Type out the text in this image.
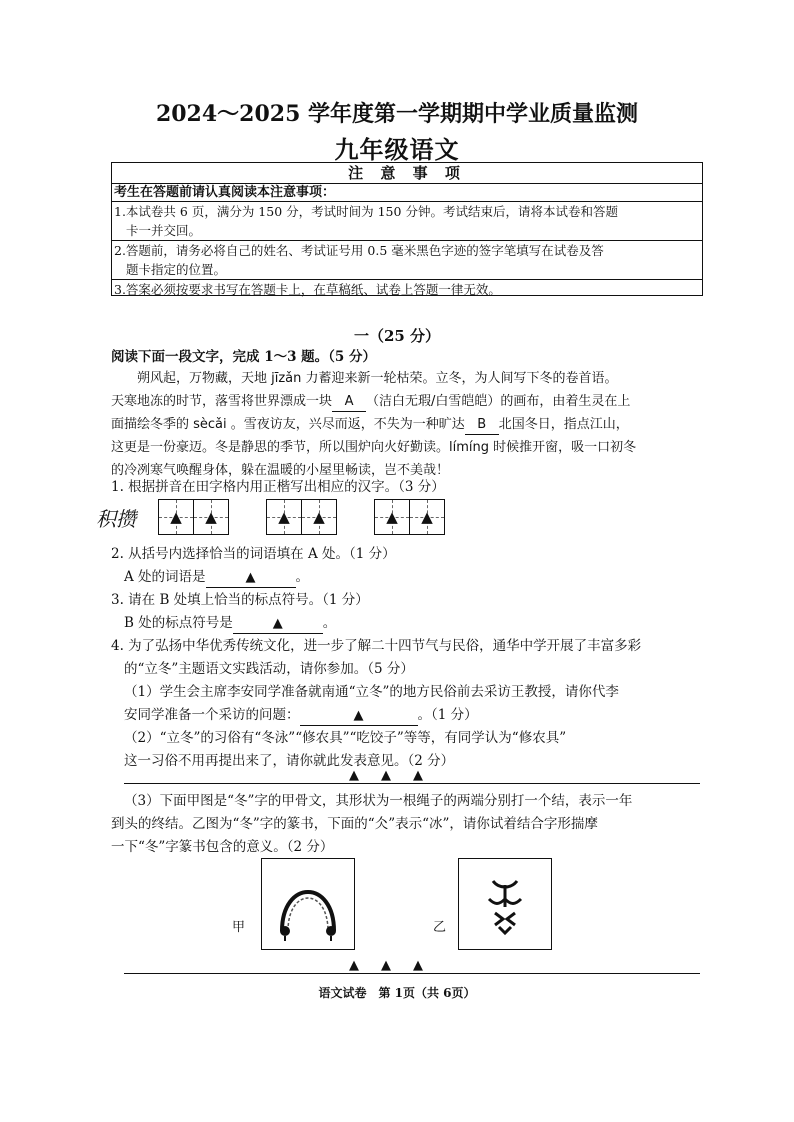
2024～2025 学年度第一学期期中学业质量监测
九年级语文
注 意 事 项
考生在答题前请认真阅读本注意事项：
1.本试卷共 6 页，满分为 150 分，考试时间为 150 分钟。考试结束后，请将本试卷和答题
卡一并交回。
2.答题前，请务必将自己的姓名、考试证号用 0.5 毫米黑色字迹的签字笔填写在试卷及答
题卡指定的位置。
3.答案必须按要求书写在答题卡上，在草稿纸、试卷上答题一律无效。
一（25 分）
阅读下面一段文字，完成 1～3 题。（5 分）
朔风起，万物藏，天地 jīzǎn 力蓄迎来新一轮枯荣。立冬，为人间写下冬的卷首语。
天寒地冻的时节，落雪将世界漂成一块 A （洁白无瑕/白雪皑皑）的画布，由着生灵在上
面描绘冬季的 sècǎi 。雪夜访友，兴尽而返，不失为一种旷达 B 北国冬日，指点江山，
这更是一份豪迈。冬是静思的季节，所以围炉向火好勤读。límíng 时候推开窗，吸一口初冬
的冷冽寒气唤醒身体，躲在温暖的小屋里畅读，岂不美哉！
1. 根据拼音在田字格内用正楷写出相应的汉字。（3 分）
积攒 ▲ ▲	▲ ▲	▲ ▲
2. 从括号内选择恰当的词语填在 A 处。（1 分）
A 处的词语是	▲	。
3. 请在 B 处填上恰当的标点符号。（1 分）
B 处的标点符号是	▲	。
4. 为了弘扬中华优秀传统文化，进一步了解二十四节气与民俗，通华中学开展了丰富多彩
的“立冬”主题语文实践活动，请你参加。（5 分）
（1）学生会主席李安同学准备就南通“立冬”的地方民俗前去采访王教授，请你代李
安同学准备一个采访的问题：	▲	。（1 分）
（2）“立冬”的习俗有“冬泳”“修农具”“吃饺子”等等，有同学认为“修农具”
这一习俗不用再提出来了，请你就此发表意见。（2 分）
▲▲▲
（3）下面甲图是“冬”字的甲骨文，其形状为一根绳子的两端分别打一个结，表示一年
到头的终结。乙图为“冬”字的篆书，下面的“仌”表示“冰”，请你试着结合字形揣摩
一下“冬”字篆书包含的意义。（2 分）
甲	乙
▲▲▲
语文试卷　第 1页（共 6页）
